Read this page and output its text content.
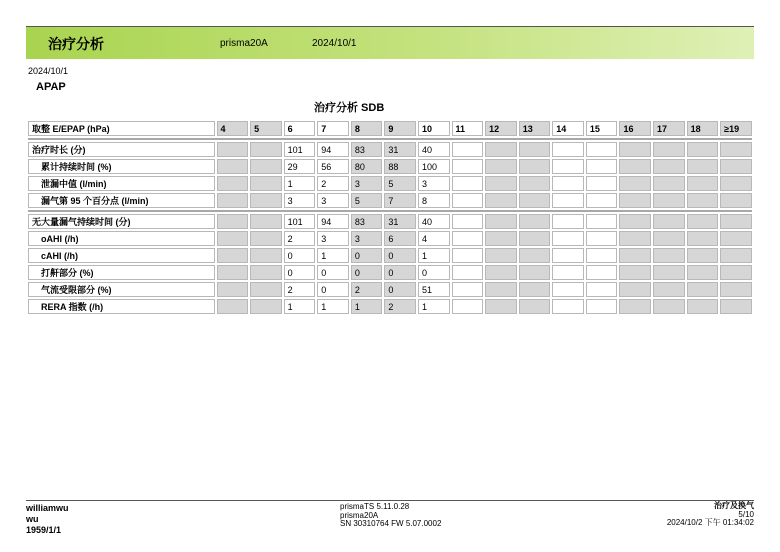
治疗分析	prisma20A	2024/10/1
2024/10/1
APAP
治疗分析 SDB
取整 E/EPAP (hPa)	4	5	6	7	8	9	10	11	12	13	14	15	16	17	18	≥19

治疗时长 (分)			101	94	83	31	40									
累计持续时间 (%)			29	56	80	88	100									
泄漏中值 (l/min)			1	2	3	5	3									
漏气第 95 个百分点 (l/min)			3	3	5	7	8									

无大量漏气持续时间 (分)			101	94	83	31	40									
oAHI (/h)			2	3	3	6	4									
cAHI (/h)			0	1	0	0	1									
打鼾部分 (%)			0	0	0	0	0									
气流受限部分 (%)			2	0	2	0	51									
RERA 指数 (/h)			1	1	1	2	1									
williamwu
wu
1959/1/1
prismaTS 5.11.0.28
prisma20A
SN 30310764 FW 5.07.0002
治疗及换气
5/10
2024/10/2 下午 01:34:02
